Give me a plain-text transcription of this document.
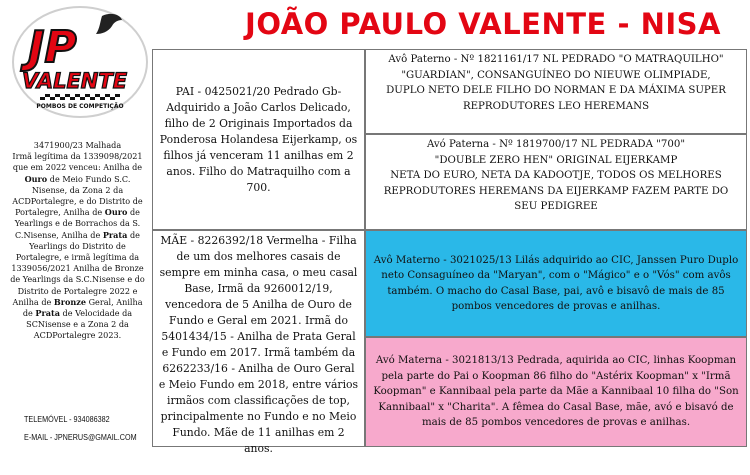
JOÃO PAULO VALENTE - NISA
JP
VALENTE
POMBOS DE COMPETIÇÃO
3471900/23 Malhada
Irmã legítima da 1339098/2021
que em 2022 venceu: Anilha de
Ouro de Meio Fundo S.C.
Nisense, da Zona 2 da
ACDPortalegre, e do Distrito de
Portalegre, Anilha de Ouro de
Yearlings e de Borrachos da S.
C.Nisense, Anilha de Prata de
Yearlings do Distrito de
Portalegre, e irmã legítima da
1339056/2021 Anilha de Bronze
de Yearlings da S.C.Nisense e do
Distrito de Portalegre 2022 e
Anilha de Bronze Geral, Anilha
de Prata de Velocidade da
SCNisense e a Zona 2 da
ACDPortalegre 2023.
TELEMÓVEL - 934086382
E-MAIL - JPNERUS@GMAIL.COM
PAI - 0425021/20 Pedrado Gb- Adquirido a João Carlos Delicado, filho de 2 Originais Importados da Ponderosa Holandesa Eijerkamp, os filhos já venceram 11 anilhas em 2 anos. Filho do Matraquilho com a 700.
MÃE - 8226392/18 Vermelha - Filha de um dos melhores casais de sempre em minha casa, o meu casal Base, Irmã da 9260012/19, vencedora de 5 Anilha de Ouro de Fundo e Geral em 2021. Irmã do 5401434/15 - Anilha de Prata Geral e Fundo em 2017. Irmã também da 6262233/16 - Anilha de Ouro Geral e Meio Fundo em 2018, entre vários irmãos com classificações de top, principalmente no Fundo e no Meio Fundo. Mãe de 11 anilhas em 2 anos.
Avô Paterno - Nº 1821161/17 NL PEDRADO "O MATRAQUILHO"
"GUARDIAN", CONSANGUÍNEO DO NIEUWE OLIMPIADE,
DUPLO NETO DELE FILHO DO NORMAN E DA MÁXIMA SUPER
REPRODUTORES LEO HEREMANS
Avó Paterna - Nº 1819700/17 NL PEDRADA "700"
"DOUBLE ZERO HEN" ORIGINAL EIJERKAMP
NETA DO EURO, NETA DA KADOOTJE, TODOS OS MELHORES
REPRODUTORES HEREMANS DA EIJERKAMP FAZEM PARTE DO
SEU PEDIGREE
Avô Materno - 3021025/13 Lilás adquirido ao CIC, Janssen Puro Duplo neto Consaguíneo da "Maryan", com o "Mágico" e o "Vós" com avôs também. O macho do Casal Base, pai, avô e bisavô de mais de 85 pombos vencedores de provas e anilhas.
Avó Materna - 3021813/13 Pedrada, aquirida ao CIC, linhas Koopman pela parte do Pai o Koopman 86 filho do "Astérix Koopman" x "Irmã Koopman" e Kannibaal pela parte da Mãe a Kannibaal 10 filha do "Son Kannibaal" x "Charita". A fêmea do Casal Base, mãe, avó e bisavó de mais de 85 pombos vencedores de provas e anilhas.
